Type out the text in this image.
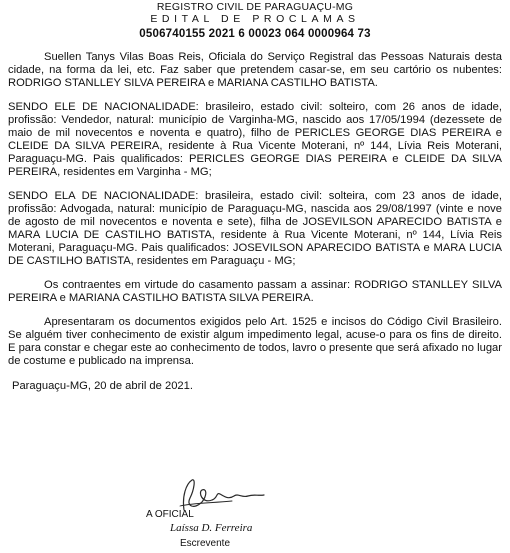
REGISTRO CIVIL DE PARAGUAÇU-MG
EDITAL DE PROCLAMAS
0506740155 2021 6 00023 064 0000964 73

Suellen Tanys Vilas Boas Reis, Oficiala do Serviço Registral das Pessoas Naturais desta cidade, na forma da lei, etc. Faz saber que pretendem casar-se, em seu cartório os nubentes: RODRIGO STANLLEY SILVA PEREIRA e MARIANA CASTILHO BATISTA.

SENDO ELE DE NACIONALIDADE: brasileiro, estado civil: solteiro, com 26 anos de idade, profissão: Vendedor, natural: município de Varginha-MG, nascido aos 17/05/1994 (dezessete de maio de mil novecentos e noventa e quatro), filho de PERICLES GEORGE DIAS PEREIRA e CLEIDE DA SILVA PEREIRA, residente à Rua Vicente Moterani, nº 144, Lívia Reis Moterani, Paraguaçu-MG. Pais qualificados: PERICLES GEORGE DIAS PEREIRA e CLEIDE DA SILVA PEREIRA, residentes em Varginha - MG;

SENDO ELA DE NACIONALIDADE: brasileira, estado civil: solteira, com 23 anos de idade, profissão: Advogada, natural: município de Paraguaçu-MG, nascida aos 29/08/1997 (vinte e nove de agosto de mil novecentos e noventa e sete), filha de JOSEVILSON APARECIDO BATISTA e MARA LUCIA DE CASTILHO BATISTA, residente à Rua Vicente Moterani, nº 144, Lívia Reis Moterani, Paraguaçu-MG. Pais qualificados: JOSEVILSON APARECIDO BATISTA e MARA LUCIA DE CASTILHO BATISTA, residentes em Paraguaçu - MG;

Os contraentes em virtude do casamento passam a assinar: RODRIGO STANLLEY SILVA PEREIRA e MARIANA CASTILHO BATISTA SILVA PEREIRA.

Apresentaram os documentos exigidos pelo Art. 1525 e incisos do Código Civil Brasileiro. Se alguém tiver conhecimento de existir algum impedimento legal, acuse-o para os fins de direito. E para constar e chegar este ao conhecimento de todos, lavro o presente que será afixado no lugar de costume e publicado na imprensa.

Paraguaçu-MG, 20 de abril de 2021.
A OFICIAL
Laíssa D. Ferreira
Escrevente
